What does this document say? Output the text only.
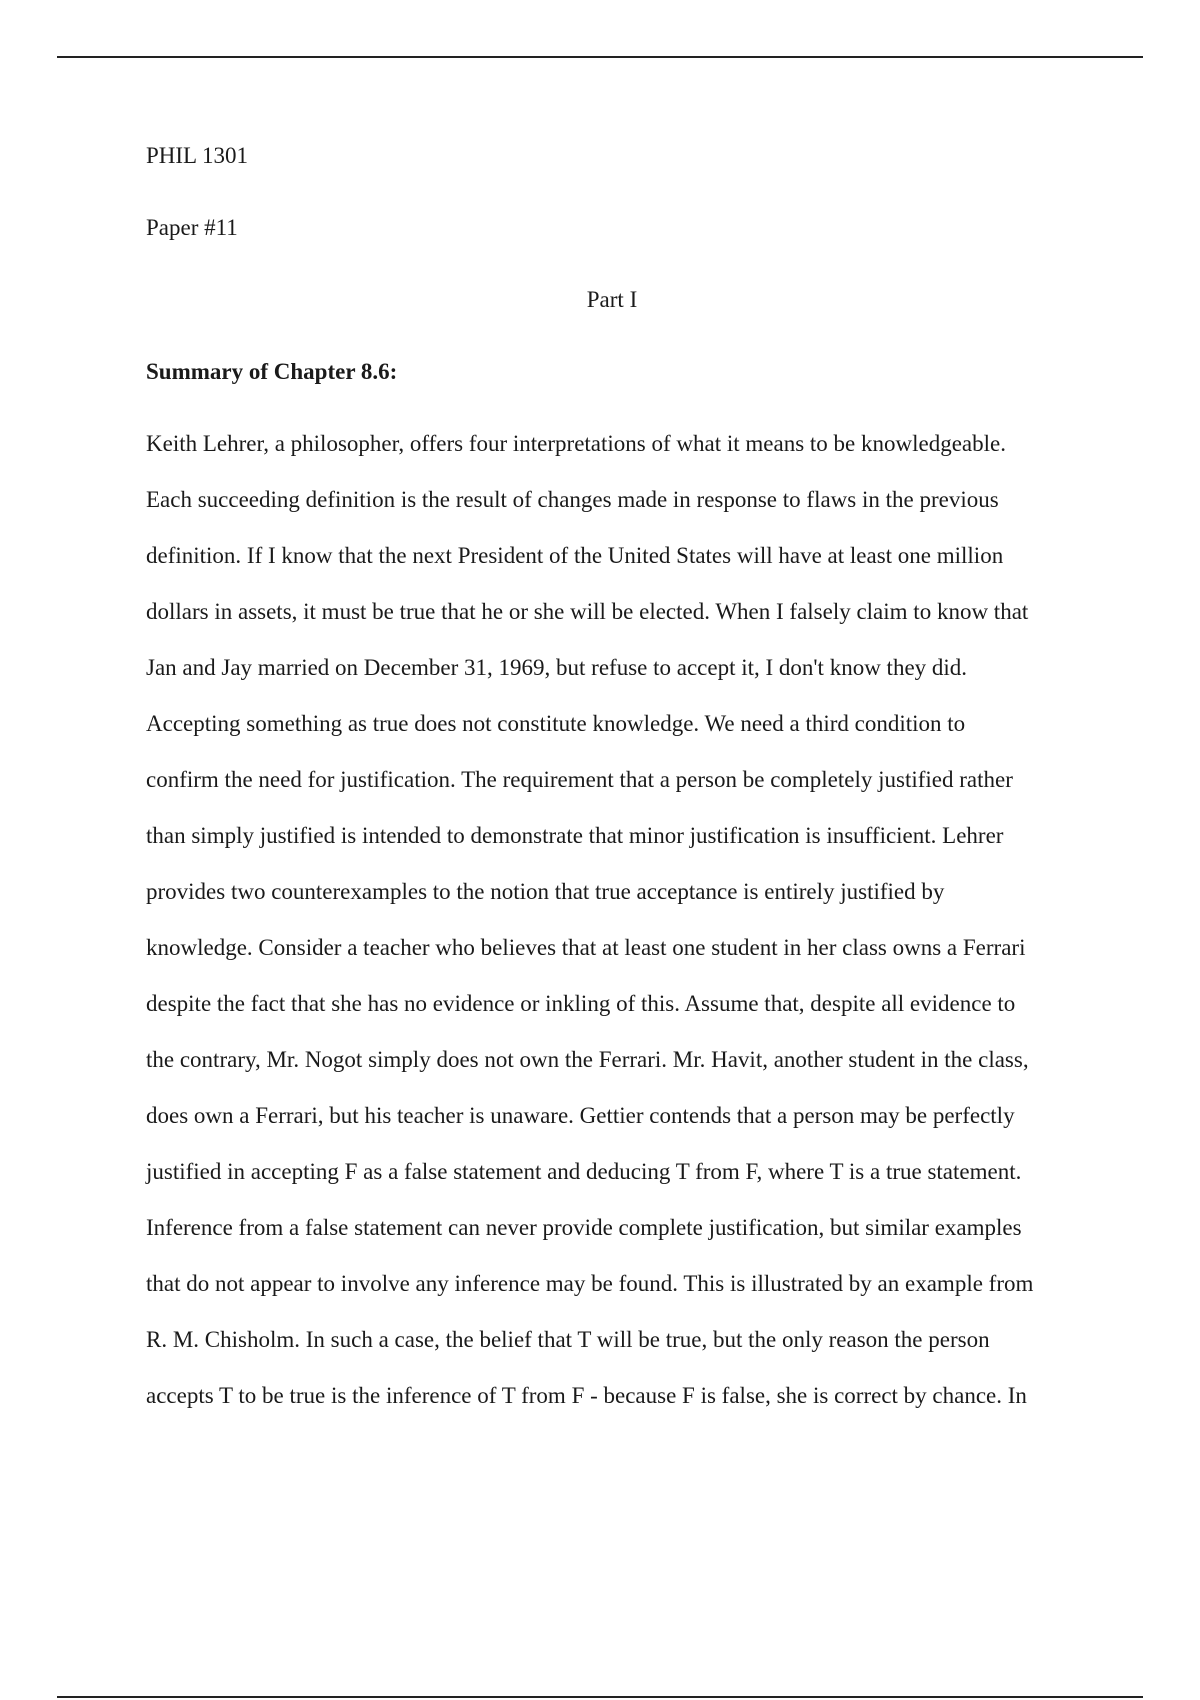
PHIL 1301

Paper #11

Part I

Summary of Chapter 8.6:

Keith Lehrer, a philosopher, offers four interpretations of what it means to be knowledgeable.
Each succeeding definition is the result of changes made in response to flaws in the previous
definition. If I know that the next President of the United States will have at least one million
dollars in assets, it must be true that he or she will be elected. When I falsely claim to know that
Jan and Jay married on December 31, 1969, but refuse to accept it, I don't know they did.
Accepting something as true does not constitute knowledge. We need a third condition to
confirm the need for justification. The requirement that a person be completely justified rather
than simply justified is intended to demonstrate that minor justification is insufficient. Lehrer
provides two counterexamples to the notion that true acceptance is entirely justified by
knowledge. Consider a teacher who believes that at least one student in her class owns a Ferrari
despite the fact that she has no evidence or inkling of this. Assume that, despite all evidence to
the contrary, Mr. Nogot simply does not own the Ferrari. Mr. Havit, another student in the class,
does own a Ferrari, but his teacher is unaware. Gettier contends that a person may be perfectly
justified in accepting F as a false statement and deducing T from F, where T is a true statement.
Inference from a false statement can never provide complete justification, but similar examples
that do not appear to involve any inference may be found. This is illustrated by an example from
R. M. Chisholm. In such a case, the belief that T will be true, but the only reason the person
accepts T to be true is the inference of T from F - because F is false, she is correct by chance. In
